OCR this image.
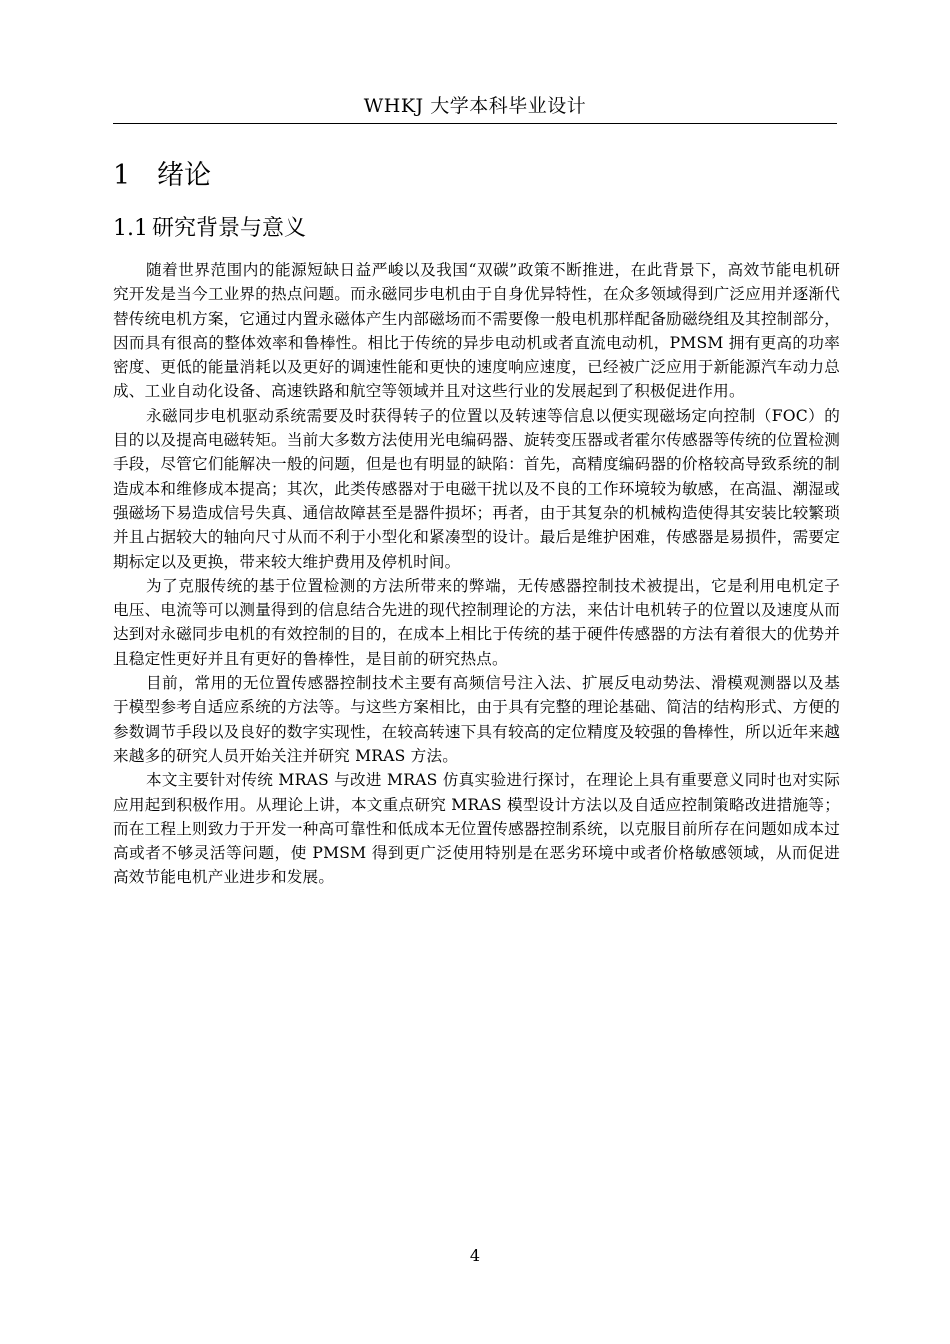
WHKJ 大学本科毕业设计
1 绪论
1.1 研究背景与意义

随着世界范围内的能源短缺日益严峻以及我国“双碳”政策不断推进，在此背景下，高效节能电机研究开发是当今工业界的热点问题。而永磁同步电机由于自身优异特性，在众多领域得到广泛应用并逐渐代替传统电机方案，它通过内置永磁体产生内部磁场而不需要像一般电机那样配备励磁绕组及其控制部分，因而具有很高的整体效率和鲁棒性。相比于传统的异步电动机或者直流电动机，PMSM 拥有更高的功率密度、更低的能量消耗以及更好的调速性能和更快的速度响应速度，已经被广泛应用于新能源汽车动力总成、工业自动化设备、高速铁路和航空等领域并且对这些行业的发展起到了积极促进作用。

永磁同步电机驱动系统需要及时获得转子的位置以及转速等信息以便实现磁场定向控制（FOC）的目的以及提高电磁转矩。当前大多数方法使用光电编码器、旋转变压器或者霍尔传感器等传统的位置检测手段，尽管它们能解决一般的问题，但是也有明显的缺陷：首先，高精度编码器的价格较高导致系统的制造成本和维修成本提高；其次，此类传感器对于电磁干扰以及不良的工作环境较为敏感，在高温、潮湿或强磁场下易造成信号失真、通信故障甚至是器件损坏；再者，由于其复杂的机械构造使得其安装比较繁琐并且占据较大的轴向尺寸从而不利于小型化和紧凑型的设计。最后是维护困难，传感器是易损件，需要定期标定以及更换，带来较大维护费用及停机时间。

为了克服传统的基于位置检测的方法所带来的弊端，无传感器控制技术被提出，它是利用电机定子电压、电流等可以测量得到的信息结合先进的现代控制理论的方法，来估计电机转子的位置以及速度从而达到对永磁同步电机的有效控制的目的，在成本上相比于传统的基于硬件传感器的方法有着很大的优势并且稳定性更好并且有更好的鲁棒性，是目前的研究热点。

目前，常用的无位置传感器控制技术主要有高频信号注入法、扩展反电动势法、滑模观测器以及基于模型参考自适应系统的方法等。与这些方案相比，由于具有完整的理论基础、简洁的结构形式、方便的参数调节手段以及良好的数字实现性，在较高转速下具有较高的定位精度及较强的鲁棒性，所以近年来越来越多的研究人员开始关注并研究 MRAS 方法。

本文主要针对传统 MRAS 与改进 MRAS 仿真实验进行探讨，在理论上具有重要意义同时也对实际应用起到积极作用。从理论上讲，本文重点研究 MRAS 模型设计方法以及自适应控制策略改进措施等；而在工程上则致力于开发一种高可靠性和低成本无位置传感器控制系统，以克服目前所存在问题如成本过高或者不够灵活等问题，使 PMSM 得到更广泛使用特别是在恶劣环境中或者价格敏感领域，从而促进高效节能电机产业进步和发展。

4
